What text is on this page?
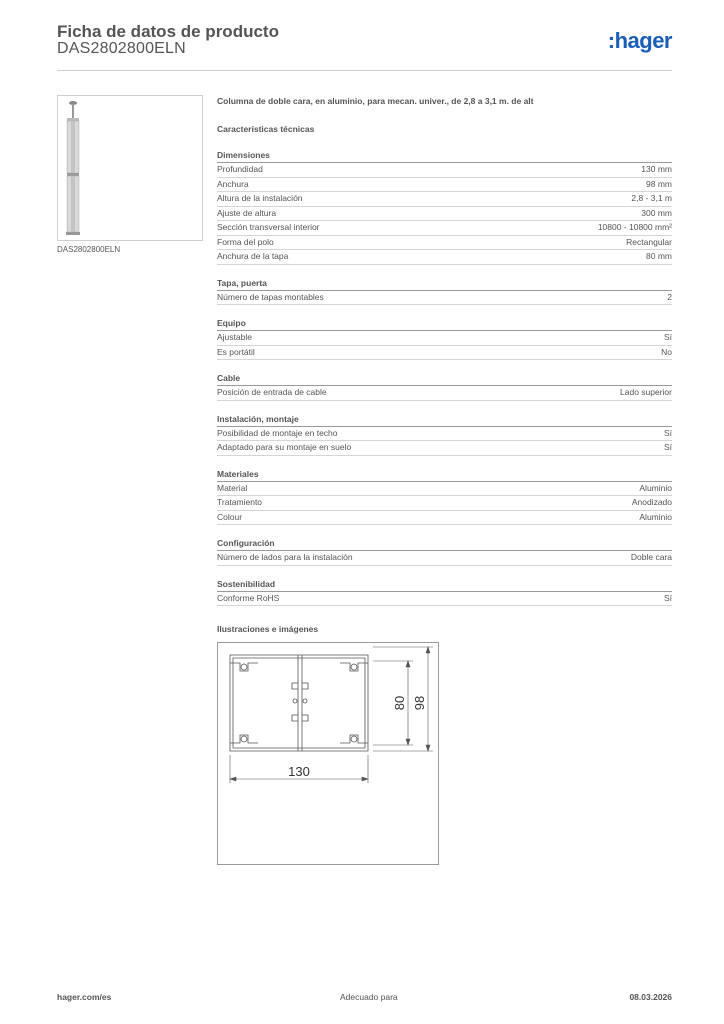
Ficha de datos de producto
DAS2802800ELN	:hager
DAS2802800ELN
Columna de doble cara, en aluminio, para mecan. univer., de 2,8 a 3,1 m. de alt
Características técnicas
Dimensiones
Profundidad	130 mm
Anchura	98 mm
Altura de la instalación	2,8 - 3,1 m
Ajuste de altura	300 mm
Sección transversal interior	10800 - 10800 mm²
Forma del polo	Rectangular
Anchura de la tapa	80 mm
Tapa, puerta
Número de tapas montables	2
Equipo
Ajustable	Sí
Es portátil	No
Cable
Posición de entrada de cable	Lado superior
Instalación, montaje
Posibilidad de montaje en techo	Sí
Adaptado para su montaje en suelo	Sí
Materiales
Material	Aluminio
Tratamiento	Anodizado
Colour	Aluminio
Configuración
Número de lados para la instalación	Doble cara
Sostenibilidad
Conforme RoHS	Sí
Ilustraciones e imágenes
130
80 98
hager.com/es	Adecuado para	08.03.2026
